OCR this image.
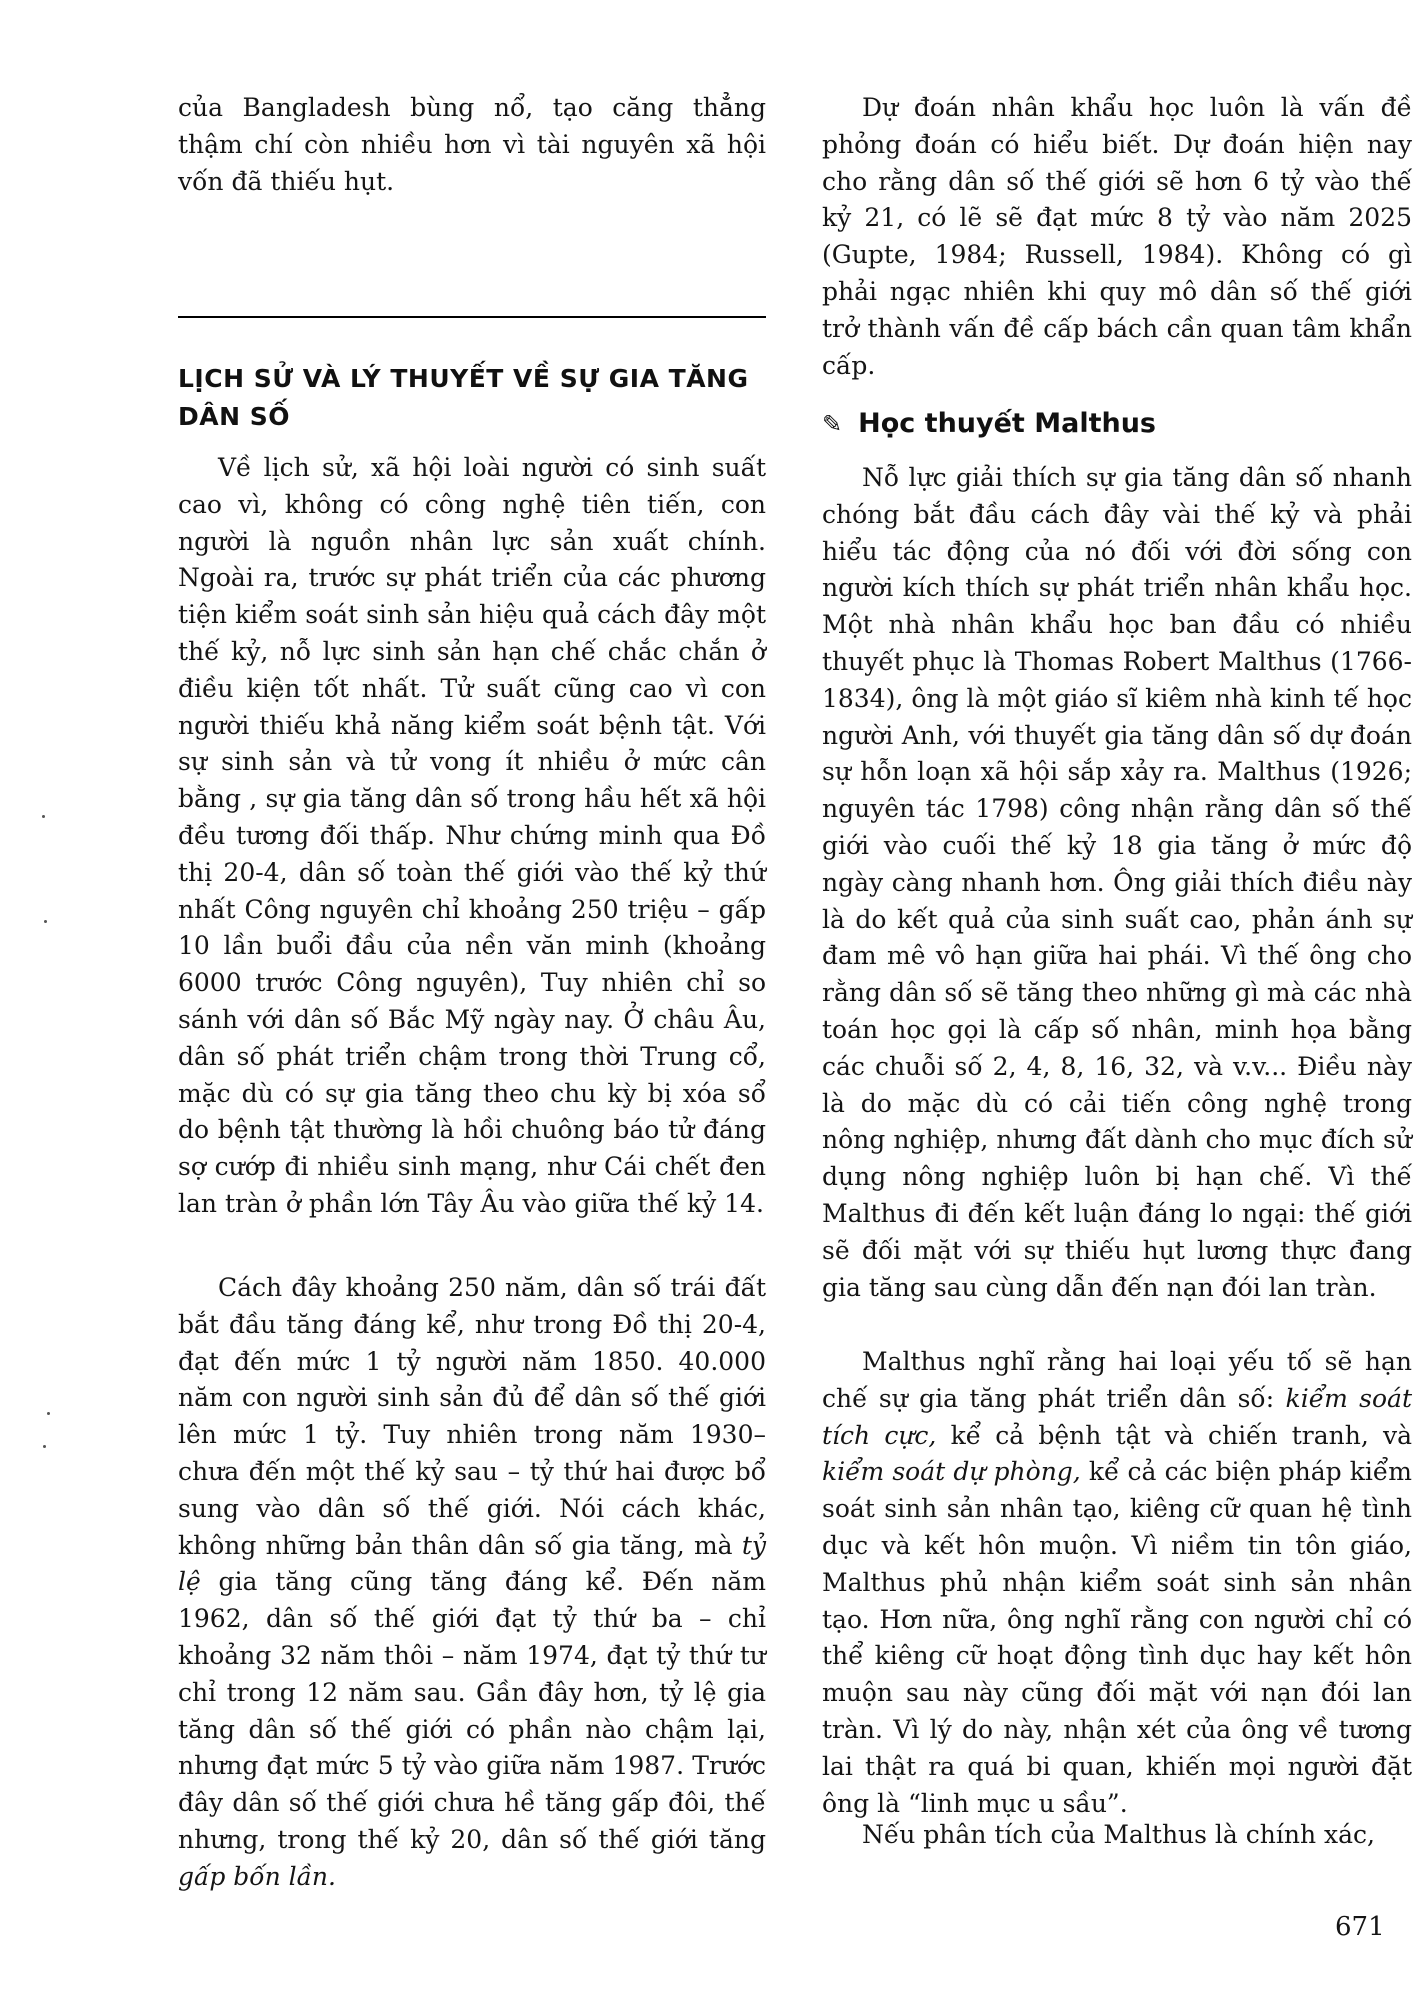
của Bangladesh bùng nổ, tạo căng thẳng thậm chí còn nhiều hơn vì tài nguyên xã hội vốn đã thiếu hụt.

LỊCH SỬ VÀ LÝ THUYẾT VỀ SỰ GIA TĂNG DÂN SỐ

Về lịch sử, xã hội loài người có sinh suất cao vì, không có công nghệ tiên tiến, con người là nguồn nhân lực sản xuất chính. Ngoài ra, trước sự phát triển của các phương tiện kiểm soát sinh sản hiệu quả cách đây một thế kỷ, nỗ lực sinh sản hạn chế chắc chắn ở điều kiện tốt nhất. Tử suất cũng cao vì con người thiếu khả năng kiểm soát bệnh tật. Với sự sinh sản và tử vong ít nhiều ở mức cân bằng , sự gia tăng dân số trong hầu hết xã hội đều tương đối thấp. Như chứng minh qua Đồ thị 20-4, dân số toàn thế giới vào thế kỷ thứ nhất Công nguyên chỉ khoảng 250 triệu – gấp 10 lần buổi đầu của nền văn minh (khoảng 6000 trước Công nguyên), Tuy nhiên chỉ so sánh với dân số Bắc Mỹ ngày nay. Ở châu Âu, dân số phát triển chậm trong thời Trung cổ, mặc dù có sự gia tăng theo chu kỳ bị xóa sổ do bệnh tật thường là hồi chuông báo tử đáng sợ cướp đi nhiều sinh mạng, như Cái chết đen lan tràn ở phần lớn Tây Âu vào giữa thế kỷ 14.

Cách đây khoảng 250 năm, dân số trái đất bắt đầu tăng đáng kể, như trong Đồ thị 20-4, đạt đến mức 1 tỷ người năm 1850. 40.000 năm con người sinh sản đủ để dân số thế giới lên mức 1 tỷ. Tuy nhiên trong năm 1930– chưa đến một thế kỷ sau – tỷ thứ hai được bổ sung vào dân số thế giới. Nói cách khác, không những bản thân dân số gia tăng, mà tỷ lệ gia tăng cũng tăng đáng kể. Đến năm 1962, dân số thế giới đạt tỷ thứ ba – chỉ khoảng 32 năm thôi – năm 1974, đạt tỷ thứ tư chỉ trong 12 năm sau. Gần đây hơn, tỷ lệ gia tăng dân số thế giới có phần nào chậm lại, nhưng đạt mức 5 tỷ vào giữa năm 1987. Trước đây dân số thế giới chưa hề tăng gấp đôi, thế nhưng, trong thế kỷ 20, dân số thế giới tăng gấp bốn lần.

Dự đoán nhân khẩu học luôn là vấn đề phỏng đoán có hiểu biết. Dự đoán hiện nay cho rằng dân số thế giới sẽ hơn 6 tỷ vào thế kỷ 21, có lẽ sẽ đạt mức 8 tỷ vào năm 2025 (Gupte, 1984; Russell, 1984). Không có gì phải ngạc nhiên khi quy mô dân số thế giới trở thành vấn đề cấp bách cần quan tâm khẩn cấp.

✎ Học thuyết Malthus

Nỗ lực giải thích sự gia tăng dân số nhanh chóng bắt đầu cách đây vài thế kỷ và phải hiểu tác động của nó đối với đời sống con người kích thích sự phát triển nhân khẩu học. Một nhà nhân khẩu học ban đầu có nhiều thuyết phục là Thomas Robert Malthus (1766-1834), ông là một giáo sĩ kiêm nhà kinh tế học người Anh, với thuyết gia tăng dân số dự đoán sự hỗn loạn xã hội sắp xảy ra. Malthus (1926; nguyên tác 1798) công nhận rằng dân số thế giới vào cuối thế kỷ 18 gia tăng ở mức độ ngày càng nhanh hơn. Ông giải thích điều này là do kết quả của sinh suất cao, phản ánh sự đam mê vô hạn giữa hai phái. Vì thế ông cho rằng dân số sẽ tăng theo những gì mà các nhà toán học gọi là cấp số nhân, minh họa bằng các chuỗi số 2, 4, 8, 16, 32, và v.v... Điều này là do mặc dù có cải tiến công nghệ trong nông nghiệp, nhưng đất dành cho mục đích sử dụng nông nghiệp luôn bị hạn chế. Vì thế Malthus đi đến kết luận đáng lo ngại: thế giới sẽ đối mặt với sự thiếu hụt lương thực đang gia tăng sau cùng dẫn đến nạn đói lan tràn.

Malthus nghĩ rằng hai loại yếu tố sẽ hạn chế sự gia tăng phát triển dân số: kiểm soát tích cực, kể cả bệnh tật và chiến tranh, và kiểm soát dự phòng, kể cả các biện pháp kiểm soát sinh sản nhân tạo, kiêng cữ quan hệ tình dục và kết hôn muộn. Vì niềm tin tôn giáo, Malthus phủ nhận kiểm soát sinh sản nhân tạo. Hơn nữa, ông nghĩ rằng con người chỉ có thể kiêng cữ hoạt động tình dục hay kết hôn muộn sau này cũng đối mặt với nạn đói lan tràn. Vì lý do này, nhận xét của ông về tương lai thật ra quá bi quan, khiến mọi người đặt ông là “linh mục u sầu”.

Nếu phân tích của Malthus là chính xác,

671
